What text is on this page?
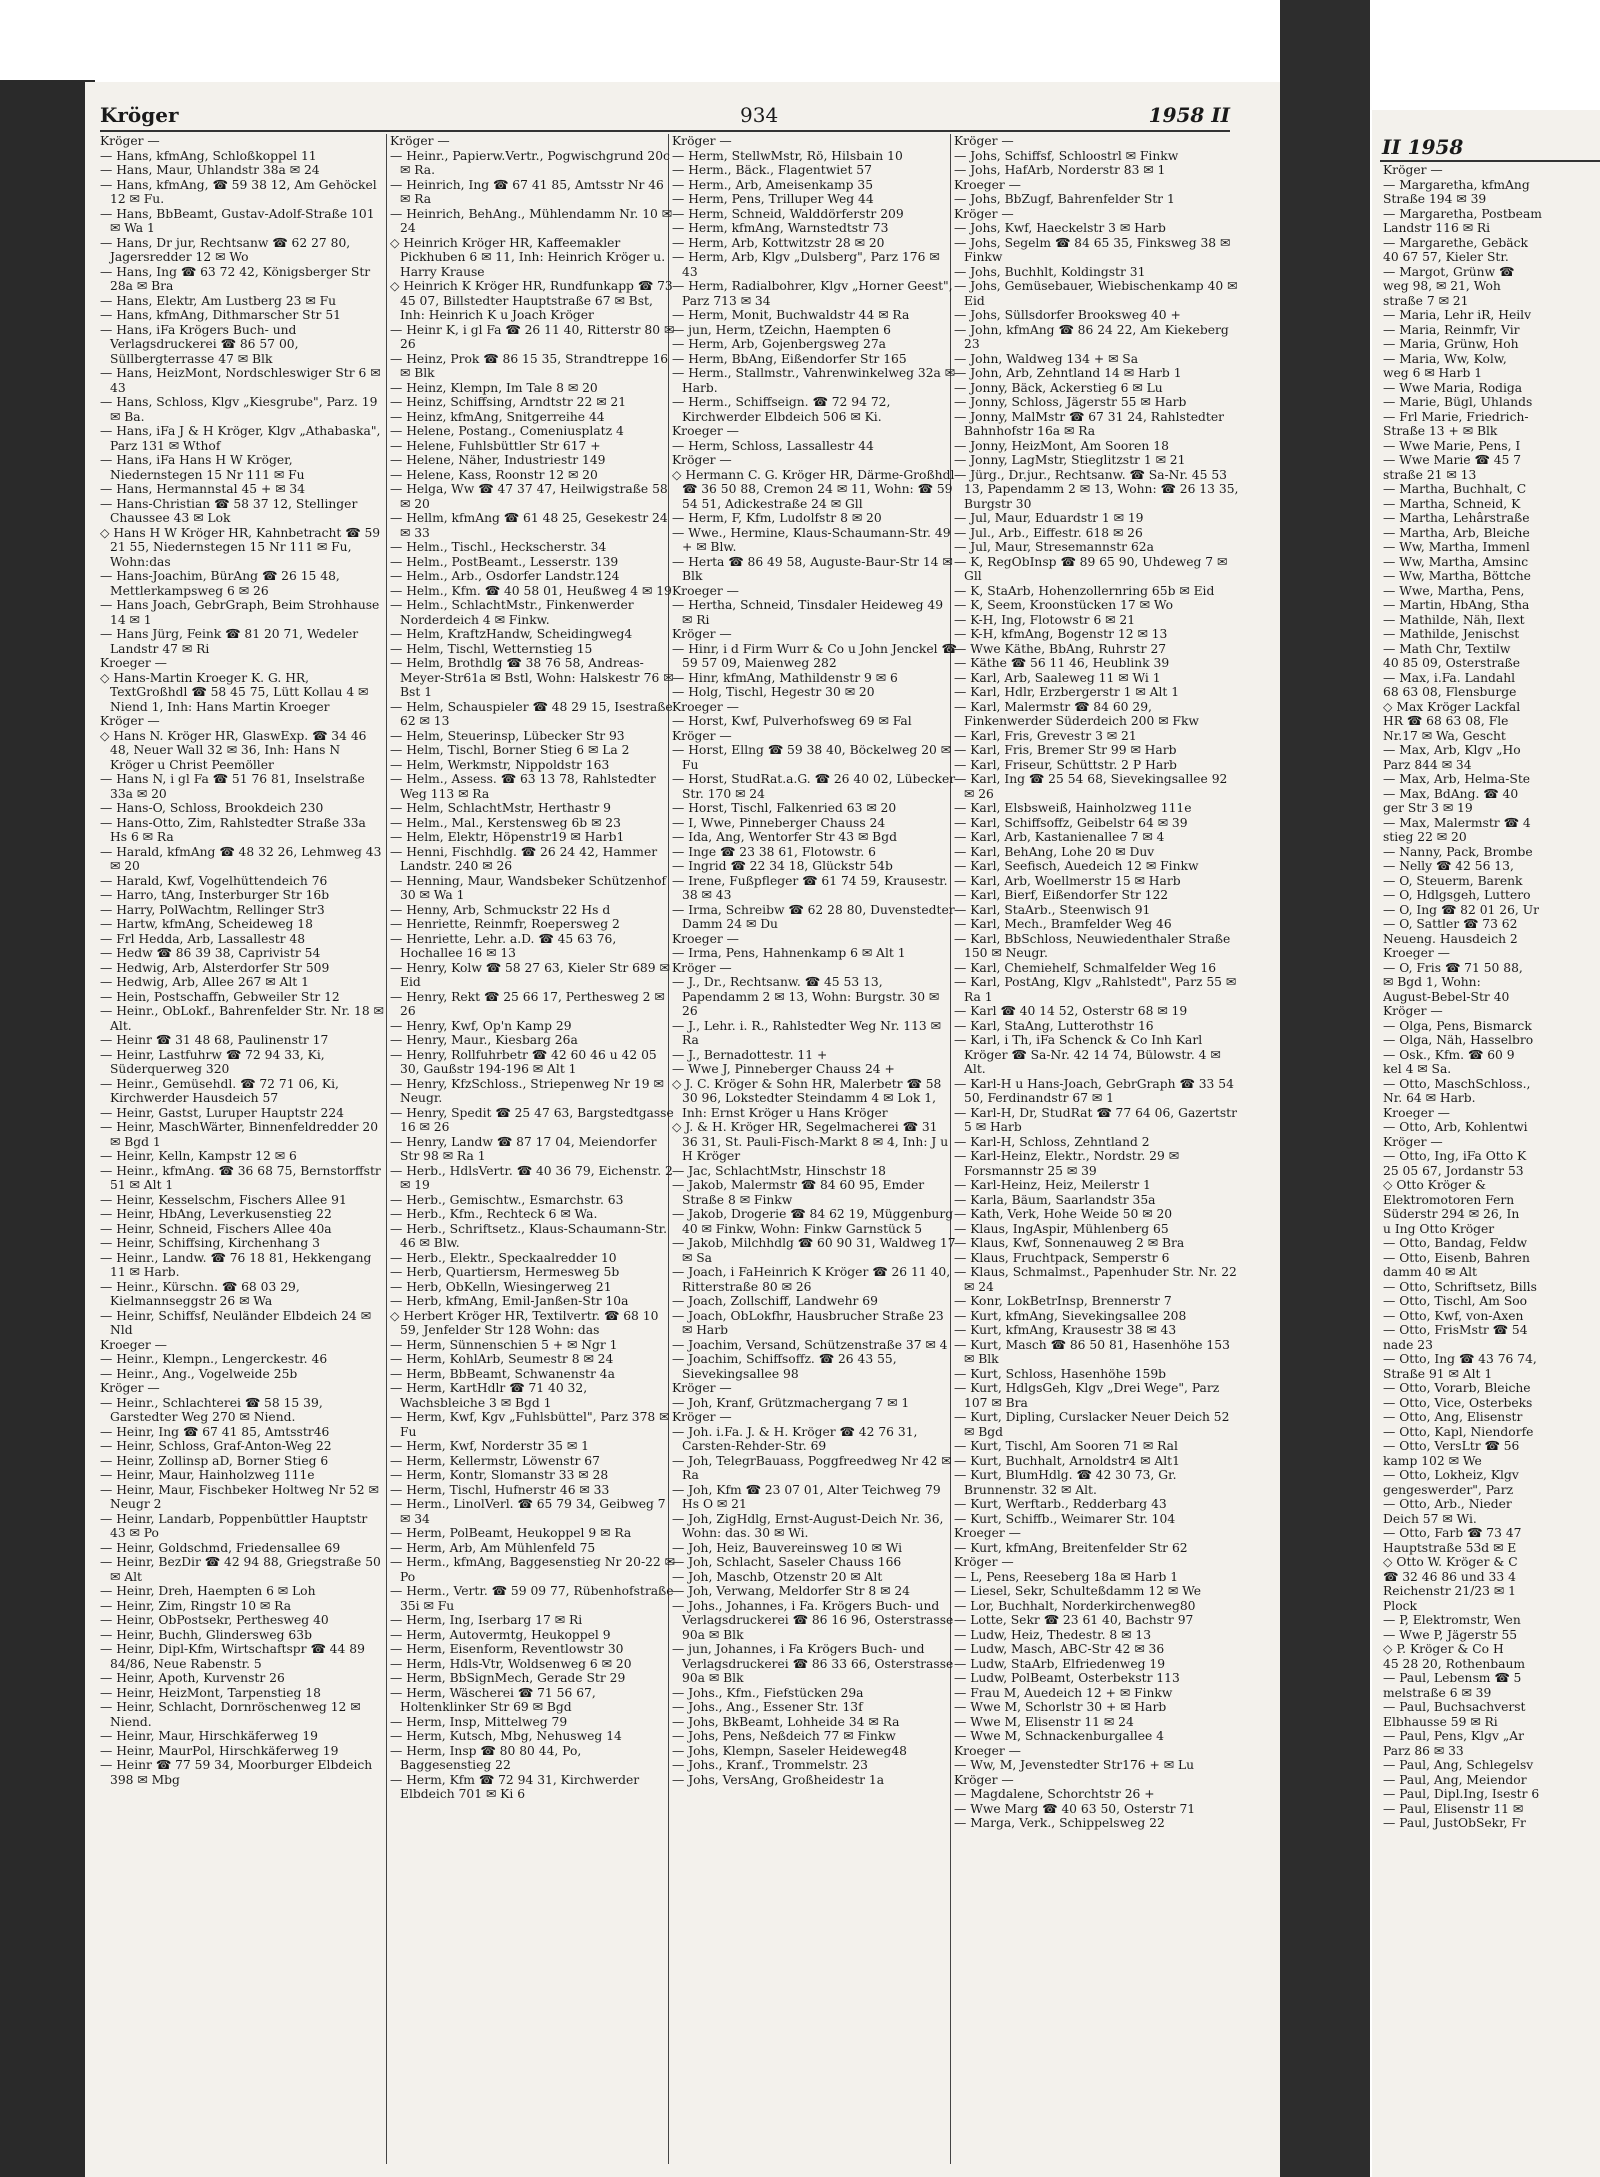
Kröger	934	1958 II

Kröger —

— Hans, kfmAng, Schloßkoppel 11

— Hans, Maur, Uhlandstr 38a ✉ 24

— Hans, kfmAng, ☎ 59 38 12, Am Gehöckel 12 ✉ Fu.

— Hans, BbBeamt, Gustav-Adolf-Straße 101 ✉ Wa 1

— Hans, Dr jur, Rechtsanw ☎ 62 27 80, Jagersredder 12 ✉ Wo

— Hans, Ing ☎ 63 72 42, Königsberger Str 28a ✉ Bra

— Hans, Elektr, Am Lustberg 23 ✉ Fu

— Hans, kfmAng, Dithmarscher Str 51

— Hans, iFa Krögers Buch- und Verlagsdruckerei ☎ 86 57 00, Süllbergterrasse 47 ✉ Blk

— Hans, HeizMont, Nordschleswiger Str 6 ✉ 43

— Hans, Schloss, Klgv „Kiesgrube", Parz. 19 ✉ Ba.

— Hans, iFa J & H Kröger, Klgv „Athabaska", Parz 131 ✉ Wthof

— Hans, iFa Hans H W Kröger, Niedernstegen 15 Nr 111 ✉ Fu

— Hans, Hermannstal 45 + ✉ 34

— Hans-Christian ☎ 58 37 12, Stellinger Chaussee 43 ✉ Lok

◇ Hans H W Kröger HR, Kahnbetracht ☎ 59 21 55, Niedernstegen 15 Nr 111 ✉ Fu, Wohn:das

— Hans-Joachim, BürAng ☎ 26 15 48, Mettlerkampsweg 6 ✉ 26

— Hans Joach, GebrGraph, Beim Strohhause 14 ✉ 1

— Hans Jürg, Feink ☎ 81 20 71, Wedeler Landstr 47 ✉ Ri

Kroeger —

◇ Hans-Martin Kroeger K. G. HR, TextGroßhdl ☎ 58 45 75, Lütt Kollau 4 ✉ Niend 1, Inh: Hans Martin Kroeger

Kröger —

◇ Hans N. Kröger HR, GlaswExp. ☎ 34 46 48, Neuer Wall 32 ✉ 36, Inh: Hans N Kröger u Christ Peemöller

— Hans N, i gl Fa ☎ 51 76 81, Inselstraße 33a ✉ 20

— Hans-O, Schloss, Brookdeich 230

— Hans-Otto, Zim, Rahlstedter Straße 33a Hs 6 ✉ Ra

— Harald, kfmAng ☎ 48 32 26, Lehmweg 43 ✉ 20

— Harald, Kwf, Vogelhüttendeich 76

— Harro, tAng, Insterburger Str 16b

— Harry, PolWachtm, Rellinger Str3

— Hartw, kfmAng, Scheideweg 18

— Frl Hedda, Arb, Lassallestr 48

— Hedw ☎ 86 39 38, Caprivistr 54

— Hedwig, Arb, Alsterdorfer Str 509

— Hedwig, Arb, Allee 267 ✉ Alt 1

— Hein, Postschaffn, Gebweiler Str 12

— Heinr., ObLokf., Bahrenfelder Str. Nr. 18 ✉ Alt.

— Heinr ☎ 31 48 68, Paulinenstr 17

— Heinr, Lastfuhrw ☎ 72 94 33, Ki, Süderquerweg 320

— Heinr., Gemüsehdl. ☎ 72 71 06, Ki, Kirchwerder Hausdeich 57

— Heinr, Gastst, Luruper Hauptstr 224

— Heinr, MaschWärter, Binnenfeldredder 20 ✉ Bgd 1

— Heinr, Kelln, Kampstr 12 ✉ 6

— Heinr., kfmAng. ☎ 36 68 75, Bernstorffstr 51 ✉ Alt 1

— Heinr, Kesselschm, Fischers Allee 91

— Heinr, HbAng, Leverkusenstieg 22

— Heinr, Schneid, Fischers Allee 40a

— Heinr, Schiffsing, Kirchenhang 3

— Heinr., Landw. ☎ 76 18 81, Hekkengang 11 ✉ Harb.

— Heinr., Kürschn. ☎ 68 03 29, Kielmannseggstr 26 ✉ Wa

— Heinr, Schiffsf, Neuländer Elbdeich 24 ✉ Nld

Kroeger —

— Heinr., Klempn., Lengerckestr. 46

— Heinr., Ang., Vogelweide 25b

Kröger —

— Heinr., Schlachterei ☎ 58 15 39, Garstedter Weg 270 ✉ Niend.

— Heinr, Ing ☎ 67 41 85, Amtsstr46

— Heinr, Schloss, Graf-Anton-Weg 22

— Heinr, Zollinsp aD, Borner Stieg 6

— Heinr, Maur, Hainholzweg 111e

— Heinr, Maur, Fischbeker Holtweg Nr 52 ✉ Neugr 2

— Heinr, Landarb, Poppenbüttler Hauptstr 43 ✉ Po

— Heinr, Goldschmd, Friedensallee 69

— Heinr, BezDir ☎ 42 94 88, Griegstraße 50 ✉ Alt

— Heinr, Dreh, Haempten 6 ✉ Loh

— Heinr, Zim, Ringstr 10 ✉ Ra

— Heinr, ObPostsekr, Perthesweg 40

— Heinr, Buchh, Glindersweg 63b

— Heinr, Dipl-Kfm, Wirtschaftspr ☎ 44 89 84/86, Neue Rabenstr. 5

— Heinr, Apoth, Kurvenstr 26

— Heinr, HeizMont, Tarpenstieg 18

— Heinr, Schlacht, Dornröschenweg 12 ✉ Niend.

— Heinr, Maur, Hirschkäferweg 19

— Heinr, MaurPol, Hirschkäferweg 19

— Heinr ☎ 77 59 34, Moorburger Elbdeich 398 ✉ Mbg

Kröger —

— Heinr., Papierw.Vertr., Pogwischgrund 20c ✉ Ra.

— Heinrich, Ing ☎ 67 41 85, Amtsstr Nr 46 ✉ Ra

— Heinrich, BehAng., Mühlendamm Nr. 10 ✉ 24

◇ Heinrich Kröger HR, Kaffeemakler Pickhuben 6 ✉ 11, Inh: Heinrich Kröger u. Harry Krause

◇ Heinrich K Kröger HR, Rundfunkapp ☎ 73 45 07, Billstedter Hauptstraße 67 ✉ Bst, Inh: Heinrich K u Joach Kröger

— Heinr K, i gl Fa ☎ 26 11 40, Ritterstr 80 ✉ 26

— Heinz, Prok ☎ 86 15 35, Strandtreppe 16 ✉ Blk

— Heinz, Klempn, Im Tale 8 ✉ 20

— Heinz, Schiffsing, Arndtstr 22 ✉ 21

— Heinz, kfmAng, Snitgerreihe 44

— Helene, Postang., Comeniusplatz 4

— Helene, Fuhlsbüttler Str 617 +

— Helene, Näher, Industriestr 149

— Helene, Kass, Roonstr 12 ✉ 20

— Helga, Ww ☎ 47 37 47, Heilwigstraße 58 ✉ 20

— Hellm, kfmAng ☎ 61 48 25, Gesekestr 24 ✉ 33

— Helm., Tischl., Heckscherstr. 34

— Helm., PostBeamt., Lesserstr. 139

— Helm., Arb., Osdorfer Landstr.124

— Helm., Kfm. ☎ 40 58 01, Heußweg 4 ✉ 19

— Helm., SchlachtMstr., Finkenwerder Norderdeich 4 ✉ Finkw.

— Helm, KraftzHandw, Scheidingweg4

— Helm, Tischl, Wetternstieg 15

— Helm, Brothdlg ☎ 38 76 58, Andreas-Meyer-Str61a ✉ Bstl, Wohn: Halskestr 76 ✉ Bst 1

— Helm, Schauspieler ☎ 48 29 15, Isestraße 62 ✉ 13

— Helm, Steuerinsp, Lübecker Str 93

— Helm, Tischl, Borner Stieg 6 ✉ La 2

— Helm, Werkmstr, Nippoldstr 163

— Helm., Assess. ☎ 63 13 78, Rahlstedter Weg 113 ✉ Ra

— Helm, SchlachtMstr, Herthastr 9

— Helm., Mal., Kerstensweg 6b ✉ 23

— Helm, Elektr, Höpenstr19 ✉ Harb1

— Henni, Fischhdlg. ☎ 26 24 42, Hammer Landstr. 240 ✉ 26

— Henning, Maur, Wandsbeker Schützenhof 30 ✉ Wa 1

— Henny, Arb, Schmuckstr 22 Hs d

— Henriette, Reinmfr, Roepersweg 2

— Henriette, Lehr. a.D. ☎ 45 63 76, Hochallee 16 ✉ 13

— Henry, Kolw ☎ 58 27 63, Kieler Str 689 ✉ Eid

— Henry, Rekt ☎ 25 66 17, Perthesweg 2 ✉ 26

— Henry, Kwf, Op'n Kamp 29

— Henry, Maur., Kiesbarg 26a

— Henry, Rollfuhrbetr ☎ 42 60 46 u 42 05 30, Gaußstr 194-196 ✉ Alt 1

— Henry, KfzSchloss., Striepenweg Nr 19 ✉ Neugr.

— Henry, Spedit ☎ 25 47 63, Bargstedtgasse 16 ✉ 26

— Henry, Landw ☎ 87 17 04, Meiendorfer Str 98 ✉ Ra 1

— Herb., HdlsVertr. ☎ 40 36 79, Eichenstr. 2 ✉ 19

— Herb., Gemischtw., Esmarchstr. 63

— Herb., Kfm., Rechteck 6 ✉ Wa.

— Herb., Schriftsetz., Klaus-Schaumann-Str. 46 ✉ Blw.

— Herb., Elektr., Speckaalredder 10

— Herb, Quartiersm, Hermesweg 5b

— Herb, ObKelln, Wiesingerweg 21

— Herb, kfmAng, Emil-Janßen-Str 10a

◇ Herbert Kröger HR, Textilvertr. ☎ 68 10 59, Jenfelder Str 128 Wohn: das

— Herm, Sünnenschien 5 + ✉ Ngr 1

— Herm, KohlArb, Seumestr 8 ✉ 24

— Herm, BbBeamt, Schwanenstr 4a

— Herm, KartHdlr ☎ 71 40 32, Wachsbleiche 3 ✉ Bgd 1

— Herm, Kwf, Kgv „Fuhlsbüttel", Parz 378 ✉ Fu

— Herm, Kwf, Norderstr 35 ✉ 1

— Herm, Kellermstr, Löwenstr 67

— Herm, Kontr, Slomanstr 33 ✉ 28

— Herm, Tischl, Hufnerstr 46 ✉ 33

— Herm., LinolVerl. ☎ 65 79 34, Geibweg 7 ✉ 34

— Herm, PolBeamt, Heukoppel 9 ✉ Ra

— Herm, Arb, Am Mühlenfeld 75

— Herm., kfmAng, Baggesenstieg Nr 20-22 ✉ Po

— Herm., Vertr. ☎ 59 09 77, Rübenhofstraße 35i ✉ Fu

— Herm, Ing, Iserbarg 17 ✉ Ri

— Herm, Autovermtg, Heukoppel 9

— Herm, Eisenform, Reventlowstr 30

— Herm, Hdls-Vtr, Woldsenweg 6 ✉ 20

— Herm, BbSignMech, Gerade Str 29

— Herm, Wäscherei ☎ 71 56 67, Holtenklinker Str 69 ✉ Bgd

— Herm, Insp, Mittelweg 79

— Herm, Kutsch, Mbg, Nehusweg 14

— Herm, Insp ☎ 80 80 44, Po, Baggesenstieg 22

— Herm, Kfm ☎ 72 94 31, Kirchwerder Elbdeich 701 ✉ Ki 6

Kröger —

— Herm, StellwMstr, Rö, Hilsbain 10

— Herm., Bäck., Flagentwiet 57

— Herm., Arb, Ameisenkamp 35

— Herm, Pens, Trilluper Weg 44

— Herm, Schneid, Walddörferstr 209

— Herm, kfmAng, Warnstedtstr 73

— Herm, Arb, Kottwitzstr 28 ✉ 20

— Herm, Arb, Klgv „Dulsberg", Parz 176 ✉ 43

— Herm, Radialbohrer, Klgv „Horner Geest", Parz 713 ✉ 34

— Herm, Monit, Buchwaldstr 44 ✉ Ra

— jun, Herm, tZeichn, Haempten 6

— Herm, Arb, Gojenbergsweg 27a

— Herm, BbAng, Eißendorfer Str 165

— Herm., Stallmstr., Vahrenwinkelweg 32a ✉ Harb.

— Herm., Schiffseign. ☎ 72 94 72, Kirchwerder Elbdeich 506 ✉ Ki.

Kroeger —

— Herm, Schloss, Lassallestr 44

Kröger —

◇ Hermann C. G. Kröger HR, Därme-Großhdl ☎ 36 50 88, Cremon 24 ✉ 11, Wohn: ☎ 59 54 51, Adickestraße 24 ✉ Gll

— Herm, F, Kfm, Ludolfstr 8 ✉ 20

— Wwe., Hermine, Klaus-Schaumann-Str. 49 + ✉ Blw.

— Herta ☎ 86 49 58, Auguste-Baur-Str 14 ✉ Blk

Kroeger —

— Hertha, Schneid, Tinsdaler Heideweg 49 ✉ Ri

Kröger —

— Hinr, i d Firm Wurr & Co u John Jenckel ☎ 59 57 09, Maienweg 282

— Hinr, kfmAng, Mathildenstr 9 ✉ 6

— Holg, Tischl, Hegestr 30 ✉ 20

Kroeger —

— Horst, Kwf, Pulverhofsweg 69 ✉ Fal

Kröger —

— Horst, Ellng ☎ 59 38 40, Böckelweg 20 ✉ Fu

— Horst, StudRat.a.G. ☎ 26 40 02, Lübecker Str. 170 ✉ 24

— Horst, Tischl, Falkenried 63 ✉ 20

— I, Wwe, Pinneberger Chauss 24

— Ida, Ang, Wentorfer Str 43 ✉ Bgd

— Inge ☎ 23 38 61, Flotowstr. 6

— Ingrid ☎ 22 34 18, Glückstr 54b

— Irene, Fußpfleger ☎ 61 74 59, Krausestr. 38 ✉ 43

— Irma, Schreibw ☎ 62 28 80, Duvenstedter Damm 24 ✉ Du

Kroeger —

— Irma, Pens, Hahnenkamp 6 ✉ Alt 1

Kröger —

— J., Dr., Rechtsanw. ☎ 45 53 13, Papendamm 2 ✉ 13, Wohn: Burgstr. 30 ✉ 26

— J., Lehr. i. R., Rahlstedter Weg Nr. 113 ✉ Ra

— J., Bernadottestr. 11 +

— Wwe J, Pinneberger Chauss 24 +

◇ J. C. Kröger & Sohn HR, Malerbetr ☎ 58 30 96, Lokstedter Steindamm 4 ✉ Lok 1, Inh: Ernst Kröger u Hans Kröger

◇ J. & H. Kröger HR, Segelmacherei ☎ 31 36 31, St. Pauli-Fisch-Markt 8 ✉ 4, Inh: J u H Kröger

— Jac, SchlachtMstr, Hinschstr 18

— Jakob, Malermstr ☎ 84 60 95, Emder Straße 8 ✉ Finkw

— Jakob, Drogerie ☎ 84 62 19, Müggenburg 40 ✉ Finkw, Wohn: Finkw Garnstück 5

— Jakob, Milchhdlg ☎ 60 90 31, Waldweg 17 ✉ Sa

— Joach, i FaHeinrich K Kröger ☎ 26 11 40, Ritterstraße 80 ✉ 26

— Joach, Zollschiff, Landwehr 69

— Joach, ObLokfhr, Hausbrucher Straße 23 ✉ Harb

— Joachim, Versand, Schützenstraße 37 ✉ 4

— Joachim, Schiffsoffz. ☎ 26 43 55, Sievekingsallee 98

Kröger —

— Joh, Kranf, Grützmachergang 7 ✉ 1

Kröger —

— Joh. i.Fa. J. & H. Kröger ☎ 42 76 31, Carsten-Rehder-Str. 69

— Joh, TelegrBauass, Poggfreedweg Nr 42 ✉ Ra

— Joh, Kfm ☎ 23 07 01, Alter Teichweg 79 Hs O ✉ 21

— Joh, ZigHdlg, Ernst-August-Deich Nr. 36, Wohn: das. 30 ✉ Wi.

— Joh, Heiz, Bauvereinsweg 10 ✉ Wi

— Joh, Schlacht, Saseler Chauss 166

— Joh, Maschb, Otzenstr 20 ✉ Alt

— Joh, Verwang, Meldorfer Str 8 ✉ 24

— Johs., Johannes, i Fa. Krögers Buch- und Verlagsdruckerei ☎ 86 16 96, Osterstrasse 90a ✉ Blk

— jun, Johannes, i Fa Krögers Buch- und Verlagsdruckerei ☎ 86 33 66, Osterstrasse 90a ✉ Blk

— Johs., Kfm., Fiefstücken 29a

— Johs., Ang., Essener Str. 13f

— Johs, BkBeamt, Lohheide 34 ✉ Ra

— Johs, Pens, Neßdeich 77 ✉ Finkw

— Johs, Klempn, Saseler Heideweg48

— Johs., Kranf., Trommelstr. 23

— Johs, VersAng, Großheidestr 1a

Kröger —

— Johs, Schiffsf, Schloostrl ✉ Finkw

— Johs, HafArb, Norderstr 83 ✉ 1

Kroeger —

— Johs, BbZugf, Bahrenfelder Str 1

Kröger —

— Johs, Kwf, Haeckelstr 3 ✉ Harb

— Johs, Segelm ☎ 84 65 35, Finksweg 38 ✉ Finkw

— Johs, Buchhlt, Koldingstr 31

— Johs, Gemüsebauer, Wiebischenkamp 40 ✉ Eid

— Johs, Süllsdorfer Brooksweg 40 +

— John, kfmAng ☎ 86 24 22, Am Kiekeberg 23

— John, Waldweg 134 + ✉ Sa

— John, Arb, Zehntland 14 ✉ Harb 1

— Jonny, Bäck, Ackerstieg 6 ✉ Lu

— Jonny, Schloss, Jägerstr 55 ✉ Harb

— Jonny, MalMstr ☎ 67 31 24, Rahlstedter Bahnhofstr 16a ✉ Ra

— Jonny, HeizMont, Am Sooren 18

— Jonny, LagMstr, Stieglitzstr 1 ✉ 21

— Jürg., Dr.jur., Rechtsanw. ☎ Sa-Nr. 45 53 13, Papendamm 2 ✉ 13, Wohn: ☎ 26 13 35, Burgstr 30

— Jul, Maur, Eduardstr 1 ✉ 19

— Jul., Arb., Eiffestr. 618 ✉ 26

— Jul, Maur, Stresemannstr 62a

— K, RegObInsp ☎ 89 65 90, Uhdeweg 7 ✉ Gll

— K, StaArb, Hohenzollernring 65b ✉ Eid

— K, Seem, Kroonstücken 17 ✉ Wo

— K-H, Ing, Flotowstr 6 ✉ 21

— K-H, kfmAng, Bogenstr 12 ✉ 13

— Wwe Käthe, BbAng, Ruhrstr 27

— Käthe ☎ 56 11 46, Heublink 39

— Karl, Arb, Saaleweg 11 ✉ Wi 1

— Karl, Hdlr, Erzbergerstr 1 ✉ Alt 1

— Karl, Malermstr ☎ 84 60 29, Finkenwerder Süderdeich 200 ✉ Fkw

— Karl, Fris, Grevestr 3 ✉ 21

— Karl, Fris, Bremer Str 99 ✉ Harb

— Karl, Friseur, Schüttstr. 2 P Harb

— Karl, Ing ☎ 25 54 68, Sievekingsallee 92 ✉ 26

— Karl, Elsbsweiß, Hainholzweg 111e

— Karl, Schiffsoffz, Geibelstr 64 ✉ 39

— Karl, Arb, Kastanienallee 7 ✉ 4

— Karl, BehAng, Lohe 20 ✉ Duv

— Karl, Seefisch, Auedeich 12 ✉ Finkw

— Karl, Arb, Woellmerstr 15 ✉ Harb

— Karl, Bierf, Eißendorfer Str 122

— Karl, StaArb., Steenwisch 91

— Karl, Mech., Bramfelder Weg 46

— Karl, BbSchloss, Neuwiedenthaler Straße 150 ✉ Neugr.

— Karl, Chemiehelf, Schmalfelder Weg 16

— Karl, PostAng, Klgv „Rahlstedt", Parz 55 ✉ Ra 1

— Karl ☎ 40 14 52, Osterstr 68 ✉ 19

— Karl, StaAng, Lutterothstr 16

— Karl, i Th, iFa Schenck & Co Inh Karl Kröger ☎ Sa-Nr. 42 14 74, Bülowstr. 4 ✉ Alt.

— Karl-H u Hans-Joach, GebrGraph ☎ 33 54 50, Ferdinandstr 67 ✉ 1

— Karl-H, Dr, StudRat ☎ 77 64 06, Gazertstr 5 ✉ Harb

— Karl-H, Schloss, Zehntland 2

— Karl-Heinz, Elektr., Nordstr. 29 ✉ Forsmannstr 25 ✉ 39

— Karl-Heinz, Heiz, Meilerstr 1

— Karla, Bäum, Saarlandstr 35a

— Kath, Verk, Hohe Weide 50 ✉ 20

— Klaus, IngAspir, Mühlenberg 65

— Klaus, Kwf, Sonnenauweg 2 ✉ Bra

— Klaus, Fruchtpack, Semperstr 6

— Klaus, Schmalmst., Papenhuder Str. Nr. 22 ✉ 24

— Konr, LokBetrInsp, Brennerstr 7

— Kurt, kfmAng, Sievekingsallee 208

— Kurt, kfmAng, Krausestr 38 ✉ 43

— Kurt, Masch ☎ 86 50 81, Hasenhöhe 153 ✉ Blk

— Kurt, Schloss, Hasenhöhe 159b

— Kurt, HdlgsGeh, Klgv „Drei Wege", Parz 107 ✉ Bra

— Kurt, Dipling, Curslacker Neuer Deich 52 ✉ Bgd

— Kurt, Tischl, Am Sooren 71 ✉ Ral

— Kurt, Buchhalt, Arnoldstr4 ✉ Alt1

— Kurt, BlumHdlg. ☎ 42 30 73, Gr. Brunnenstr. 32 ✉ Alt.

— Kurt, Werftarb., Redderbarg 43

— Kurt, Schiffb., Weimarer Str. 104

Kroeger —

— Kurt, kfmAng, Breitenfelder Str 62

Kröger —

— L, Pens, Reeseberg 18a ✉ Harb 1

— Liesel, Sekr, Schulteßdamm 12 ✉ We

— Lor, Buchhalt, Norderkirchenweg80

— Lotte, Sekr ☎ 23 61 40, Bachstr 97

— Ludw, Heiz, Thedestr. 8 ✉ 13

— Ludw, Masch, ABC-Str 42 ✉ 36

— Ludw, StaArb, Elfriedenweg 19

— Ludw, PolBeamt, Osterbekstr 113

— Frau M, Auedeich 12 + ✉ Finkw

— Wwe M, Schorlstr 30 + ✉ Harb

— Wwe M, Elisenstr 11 ✉ 24

— Wwe M, Schnackenburgallee 4

Kroeger —

— Ww, M, Jevenstedter Str176 + ✉ Lu

Kröger —

— Magdalene, Schorchtstr 26 +

— Wwe Marg ☎ 40 63 50, Osterstr 71

— Marga, Verk., Schippelsweg 22

II 1958
Kröger —
— Margaretha, kfmAng
Straße 194 ✉ 39
— Margaretha, Postbeam
Landstr 116 ✉ Ri
— Margarethe, Gebäck
40 67 57, Kieler Str.
— Margot, Grünw ☎
weg 98, ✉ 21, Woh
straße 7 ✉ 21
— Maria, Lehr iR, Heilv
— Maria, Reinmfr, Vir
— Maria, Grünw, Hoh
— Maria, Ww, Kolw,
weg 6 ✉ Harb 1
— Wwe Maria, Rodiga
— Marie, Bügl, Uhlands
— Frl Marie, Friedrich-
Straße 13 + ✉ Blk
— Wwe Marie, Pens, I
— Wwe Marie ☎ 45 7
straße 21 ✉ 13
— Martha, Buchhalt, C
— Martha, Schneid, K
— Martha, Lehârstraße
— Martha, Arb, Bleiche
— Ww, Martha, Immenl
— Ww, Martha, Amsinc
— Ww, Martha, Böttche
— Wwe, Martha, Pens,
— Martin, HbAng, Stha
— Mathilde, Näh, Ilext
— Mathilde, Jenischst
— Math Chr, Textilw
40 85 09, Osterstraße
— Max, i.Fa. Landahl
68 63 08, Flensburge
◇ Max Kröger Lackfal
HR ☎ 68 63 08, Fle
Nr.17 ✉ Wa, Gescht
— Max, Arb, Klgv „Ho
Parz 844 ✉ 34
— Max, Arb, Helma-Ste
— Max, BdAng. ☎ 40
ger Str 3 ✉ 19
— Max, Malermstr ☎ 4
stieg 22 ✉ 20
— Nanny, Pack, Brombe
— Nelly ☎ 42 56 13,
— O, Steuerm, Barenk
— O, Hdlgsgeh, Luttero
— O, Ing ☎ 82 01 26, Ur
— O, Sattler ☎ 73 62
Neueng. Hausdeich 2
Kroeger —
— O, Fris ☎ 71 50 88,
✉ Bgd 1, Wohn:
August-Bebel-Str 40
Kröger —
— Olga, Pens, Bismarck
— Olga, Näh, Hasselbro
— Osk., Kfm. ☎ 60 9
kel 4 ✉ Sa.
— Otto, MaschSchloss.,
Nr. 64 ✉ Harb.
Kroeger —
— Otto, Arb, Kohlentwi
Kröger —
— Otto, Ing, iFa Otto K
25 05 67, Jordanstr 53
◇ Otto Kröger &
Elektromotoren Fern
Süderstr 294 ✉ 26, In
u Ing Otto Kröger
— Otto, Bandag, Feldw
— Otto, Eisenb, Bahren
damm 40 ✉ Alt
— Otto, Schriftsetz, Bills
— Otto, Tischl, Am Soo
— Otto, Kwf, von-Axen
— Otto, FrisMstr ☎ 54
nade 23
— Otto, Ing ☎ 43 76 74,
Straße 91 ✉ Alt 1
— Otto, Vorarb, Bleiche
— Otto, Vice, Osterbeks
— Otto, Ang, Elisenstr
— Otto, Kapl, Niendorfe
— Otto, VersLtr ☎ 56
kamp 102 ✉ We
— Otto, Lokheiz, Klgv
gengeswerder", Parz
— Otto, Arb., Nieder
Deich 57 ✉ Wi.
— Otto, Farb ☎ 73 47
Hauptstraße 53d ✉ E
◇ Otto W. Kröger & C
☎ 32 46 86 und 33 4
Reichenstr 21/23 ✉ 1
Plock
— P, Elektromstr, Wen
— Wwe P, Jägerstr 55
◇ P. Kröger & Co H
45 28 20, Rothenbaum
— Paul, Lebensm ☎ 5
melstraße 6 ✉ 39
— Paul, Buchsachverst
Elbhausse 59 ✉ Ri
— Paul, Pens, Klgv „Ar
Parz 86 ✉ 33
— Paul, Ang, Schlegelsv
— Paul, Ang, Meiendor
— Paul, Dipl.Ing, Isestr 6
— Paul, Elisenstr 11 ✉
— Paul, JustObSekr, Fr
